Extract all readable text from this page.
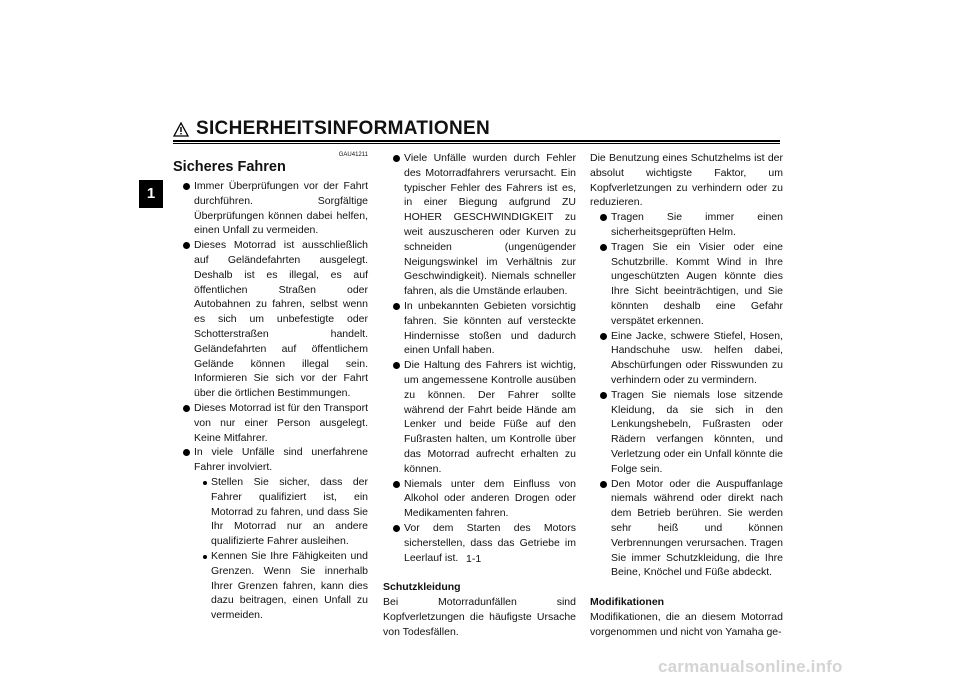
SICHERHEITSINFORMATIONEN
1
GAU41211
Sicheres Fahren
Immer Überprüfungen vor der Fahrt durchführen. Sorgfältige Überprüfungen können dabei helfen, einen Unfall zu vermeiden.
Dieses Motorrad ist ausschließlich auf Geländefahrten ausgelegt. Deshalb ist es illegal, es auf öffentlichen Straßen oder Autobahnen zu fahren, selbst wenn es sich um unbefestigte oder Schotterstraßen handelt. Geländefahrten auf öffentlichem Gelände können illegal sein. Informieren Sie sich vor der Fahrt über die örtlichen Bestimmungen.
Dieses Motorrad ist für den Transport von nur einer Person ausgelegt. Keine Mitfahrer.
In viele Unfälle sind unerfahrene Fahrer involviert.
Stellen Sie sicher, dass der Fahrer qualifiziert ist, ein Motorrad zu fahren, und dass Sie Ihr Motorrad nur an andere qualifizierte Fahrer ausleihen.
Kennen Sie Ihre Fähigkeiten und Grenzen. Wenn Sie innerhalb Ihrer Grenzen fahren, kann dies dazu beitragen, einen Unfall zu vermeiden.
Viele Unfälle wurden durch Fehler des Motorradfahrers verursacht. Ein typischer Fehler des Fahrers ist es, in einer Biegung aufgrund ZU HOHER GESCHWINDIGKEIT zu weit auszuscheren oder Kurven zu schneiden (ungenügender Neigungswinkel im Verhältnis zur Geschwindigkeit). Niemals schneller fahren, als die Umstände erlauben.
In unbekannten Gebieten vorsichtig fahren. Sie könnten auf versteckte Hindernisse stoßen und dadurch einen Unfall haben.
Die Haltung des Fahrers ist wichtig, um angemessene Kontrolle ausüben zu können. Der Fahrer sollte während der Fahrt beide Hände am Lenker und beide Füße auf den Fußrasten halten, um Kontrolle über das Motorrad aufrecht erhalten zu können.
Niemals unter dem Einfluss von Alkohol oder anderen Drogen oder Medikamenten fahren.
Vor dem Starten des Motors sicherstellen, dass das Getriebe im Leerlauf ist.
Schutzkleidung
Bei Motorradunfällen sind Kopfverletzungen die häufigste Ursache von Todesfällen.
Die Benutzung eines Schutzhelms ist der absolut wichtigste Faktor, um Kopfverletzungen zu verhindern oder zu reduzieren.
Tragen Sie immer einen sicherheitsgeprüften Helm.
Tragen Sie ein Visier oder eine Schutzbrille. Kommt Wind in Ihre ungeschützten Augen könnte dies Ihre Sicht beeinträchtigen, und Sie könnten deshalb eine Gefahr verspätet erkennen.
Eine Jacke, schwere Stiefel, Hosen, Handschuhe usw. helfen dabei, Abschürfungen oder Risswunden zu verhindern oder zu vermindern.
Tragen Sie niemals lose sitzende Kleidung, da sie sich in den Lenkungshebeln, Fußrasten oder Rädern verfangen könnten, und Verletzung oder ein Unfall könnte die Folge sein.
Den Motor oder die Auspuffanlage niemals während oder direkt nach dem Betrieb berühren. Sie werden sehr heiß und können Verbrennungen verursachen. Tragen Sie immer Schutzkleidung, die Ihre Beine, Knöchel und Füße abdeckt.
Modifikationen
Modifikationen, die an diesem Motorrad vorgenommen und nicht von Yamaha ge-
1-1
carmanualsonline.info
